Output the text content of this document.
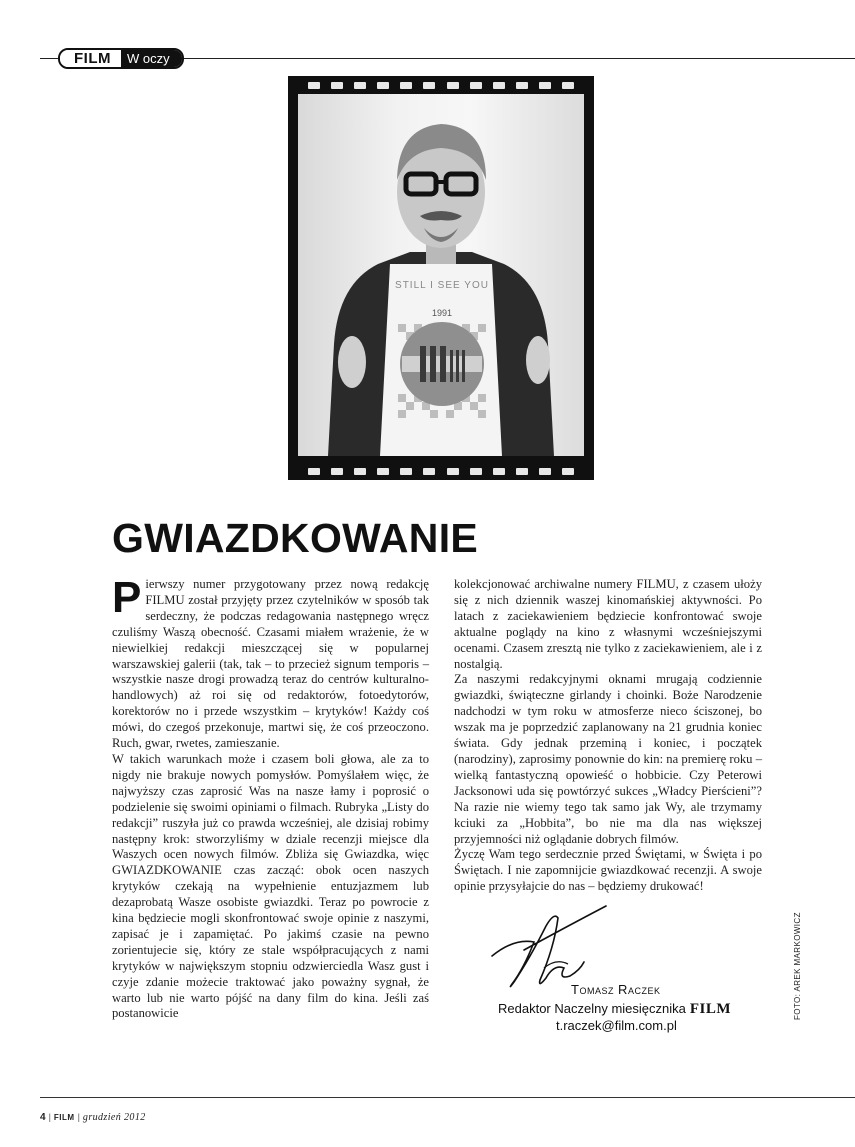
FILM	W oczy
STILL I SEE YOU
1991
GWIAZDKOWANIE

Pierwszy numer przygotowany przez nową redakcję FILMU został przyjęty przez czytelników w sposób tak serdeczny, że podczas redagowania następnego wręcz czuliśmy Waszą obecność. Czasami miałem wrażenie, że w niewielkiej redakcji mieszczącej się w popularnej warszawskiej galerii (tak, tak – to przecież signum temporis – wszystkie nasze drogi prowadzą teraz do centrów kulturalno-handlowych) aż roi się od redaktorów, fotoedytorów, korektorów no i przede wszystkim – krytyków! Każdy coś mówi, do czegoś przekonuje, martwi się, że coś przeoczono. Ruch, gwar, rwetes, zamieszanie.

W takich warunkach może i czasem boli głowa, ale za to nigdy nie brakuje nowych pomysłów. Pomyślałem więc, że najwyższy czas zaprosić Was na nasze łamy i poprosić o podzielenie się swoimi opiniami o filmach. Rubryka „Listy do redakcji” ruszyła już co prawda wcześniej, ale dzisiaj robimy następny krok: stworzyliśmy w dziale recenzji miejsce dla Waszych ocen nowych filmów. Zbliża się Gwiazdka, więc GWIAZDKOWANIE czas zacząć: obok ocen naszych krytyków czekają na wypełnienie entuzjazmem lub dezaprobatą Wasze osobiste gwiazdki. Teraz po powrocie z kina będziecie mogli skonfrontować swoje opinie z naszymi, zapisać je i zapamiętać. Po jakimś czasie na pewno zorientujecie się, który ze stale współpracujących z nami krytyków w największym stopniu odzwierciedla Wasz gust i czyje zdanie możecie traktować jako poważny sygnał, że warto lub nie warto pójść na dany film do kina. Jeśli zaś postanowicie

kolekcjonować archiwalne numery FILMU, z czasem ułoży się z nich dziennik waszej kinomańskiej aktywności. Po latach z zaciekawieniem będziecie konfrontować swoje aktualne poglądy na kino z własnymi wcześniejszymi ocenami. Czasem zresztą nie tylko z zaciekawieniem, ale i z nostalgią.

Za naszymi redakcyjnymi oknami mrugają codziennie gwiazdki, świąteczne girlandy i choinki. Boże Narodzenie nadchodzi w tym roku w atmosferze nieco ściszonej, bo wszak ma je poprzedzić zaplanowany na 21 grudnia koniec świata. Gdy jednak przeminą i koniec, i początek (narodziny), zaprosimy ponownie do kin: na premierę roku – wielką fantastyczną opowieść o hobbicie. Czy Peterowi Jacksonowi uda się powtórzyć sukces „Władcy Pierścieni”? Na razie nie wiemy tego tak samo jak Wy, ale trzymamy kciuki za „Hobbita”, bo nie ma dla nas większej przyjemności niż oglądanie dobrych filmów.

Życzę Wam tego serdecznie przed Świętami, w Święta i po Świętach. I nie zapomnijcie gwiazdkować recenzji. A swoje opinie przysyłajcie do nas – będziemy drukować!

Tomasz Raczek
Redaktor Naczelny miesięcznika FILM
t.raczek@film.com.pl
FOTO: AREK MARKOWICZ
4 | FILM | grudzień 2012
